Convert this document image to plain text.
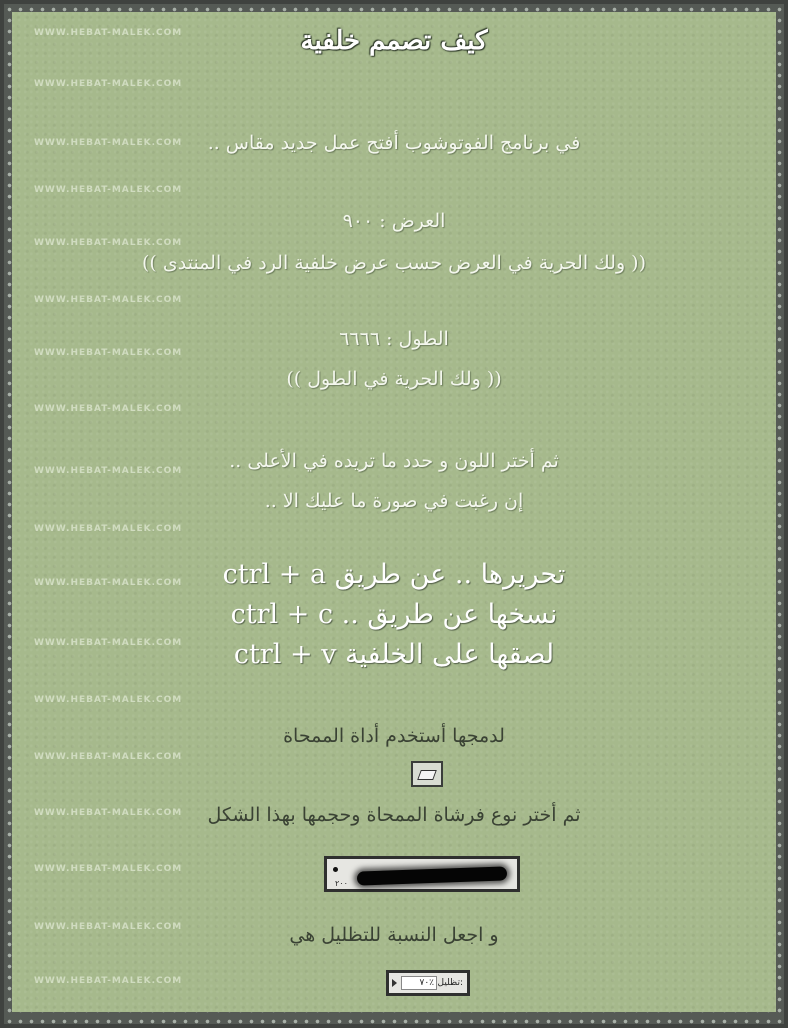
WWW.HEBAT-MALEK.COM
WWW.HEBAT-MALEK.COM
WWW.HEBAT-MALEK.COM
WWW.HEBAT-MALEK.COM
WWW.HEBAT-MALEK.COM
WWW.HEBAT-MALEK.COM
WWW.HEBAT-MALEK.COM
WWW.HEBAT-MALEK.COM
WWW.HEBAT-MALEK.COM
WWW.HEBAT-MALEK.COM
WWW.HEBAT-MALEK.COM
WWW.HEBAT-MALEK.COM
WWW.HEBAT-MALEK.COM
WWW.HEBAT-MALEK.COM
WWW.HEBAT-MALEK.COM
WWW.HEBAT-MALEK.COM
WWW.HEBAT-MALEK.COM
WWW.HEBAT-MALEK.COM
كيف تصمم خلفية
في برنامج الفوتوشوب أفتح عمل جديد مقاس ..
العرض : ٩٠٠
(( ولك الحرية في العرض حسب عرض خلفية الرد في المنتدى ))
الطول : ٦٦٦٦
(( ولك الحرية في الطول ))
ثم أختر اللون و حدد ما تريده في الأعلى ..
إن رغبت في صورة ما عليك الا ..
تحريرها .. عن طريق ctrl + a
نسخها عن طريق .. ctrl + c
لصقها على الخلفية ctrl + v
لدمجها أستخدم أداة الممحاة
ثم أختر نوع فرشاة الممحاة وحجمها بهذا الشكل
٢٠٠
و اجعل النسبة للتظليل هي
تظليل:
٧٠٪
